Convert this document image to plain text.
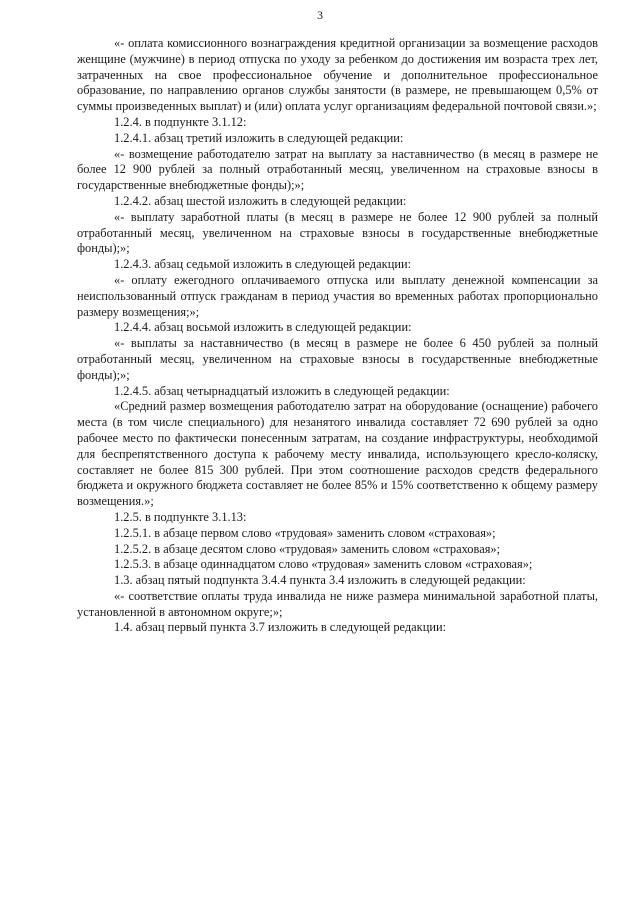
3

«- оплата комиссионного вознаграждения кредитной организации за возмещение расходов женщине (мужчине) в период отпуска по уходу за ребенком до достижения им возраста трех лет, затраченных на свое профессиональное обучение и дополнительное профессиональное образование, по направлению органов службы занятости (в размере, не превышающем 0,5% от суммы произведенных выплат) и (или) оплата услуг организациям федеральной почтовой связи.»;

1.2.4. в подпункте 3.1.12:

1.2.4.1. абзац третий изложить в следующей редакции:

«- возмещение работодателю затрат на выплату за наставничество (в месяц в размере не более 12 900 рублей за полный отработанный месяц, увеличенном на страховые взносы в государственные внебюджетные фонды);»;

1.2.4.2. абзац шестой изложить в следующей редакции:

«- выплату заработной платы (в месяц в размере не более 12 900 рублей за полный отработанный месяц, увеличенном на страховые взносы в государственные внебюджетные фонды);»;

1.2.4.3. абзац седьмой изложить в следующей редакции:

«- оплату ежегодного оплачиваемого отпуска или выплату денежной компенсации за неиспользованный отпуск гражданам в период участия во временных работах пропорционально размеру возмещения;»;

1.2.4.4. абзац восьмой изложить в следующей редакции:

«- выплаты за наставничество (в месяц в размере не более 6 450 рублей за полный отработанный месяц, увеличенном на страховые взносы в государственные внебюджетные фонды);»;

1.2.4.5. абзац четырнадцатый изложить в следующей редакции:

«Средний размер возмещения работодателю затрат на оборудование (оснащение) рабочего места (в том числе специального) для незанятого инвалида составляет 72 690 рублей за одно рабочее место по фактически понесенным затратам, на создание инфраструктуры, необходимой для беспрепятственного доступа к рабочему месту инвалида, использующего кресло-коляску, составляет не более 815 300 рублей. При этом соотношение расходов средств федерального бюджета и окружного бюджета составляет не более 85% и 15% соответственно к общему размеру возмещения.»;

1.2.5. в подпункте 3.1.13:

1.2.5.1. в абзаце первом слово «трудовая» заменить словом «страховая»;

1.2.5.2. в абзаце десятом слово «трудовая» заменить словом «страховая»;

1.2.5.3. в абзаце одиннадцатом слово «трудовая» заменить словом «страховая»;

1.3. абзац пятый подпункта 3.4.4 пункта 3.4 изложить в следующей редакции:

«- соответствие оплаты труда инвалида не ниже размера минимальной заработной платы, установленной в автономном округе;»;

1.4. абзац первый пункта 3.7 изложить в следующей редакции:
